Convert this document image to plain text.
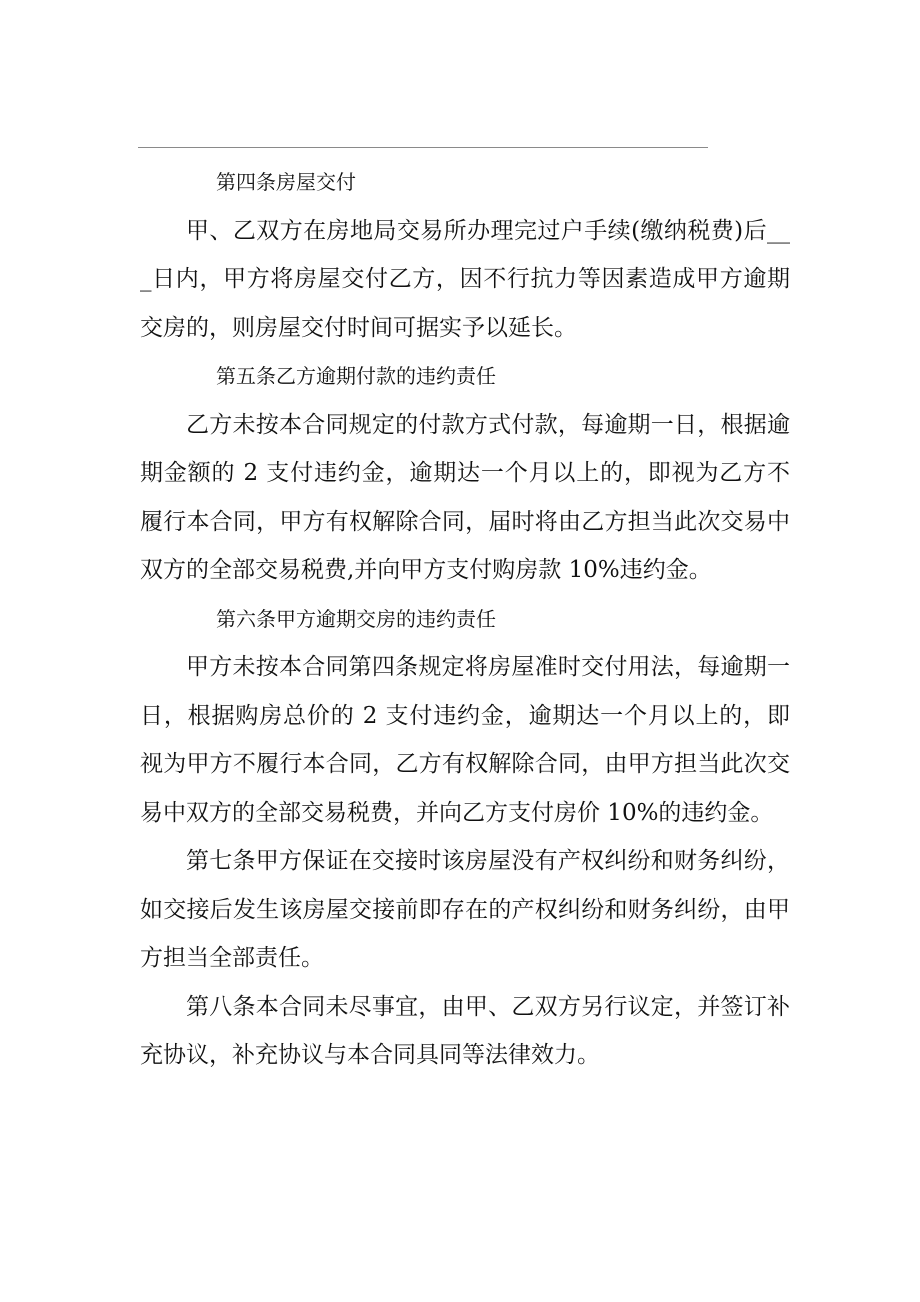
第四条房屋交付

甲、乙双方在房地局交易所办理完过户手续(缴纳税费)后___日内，甲方将房屋交付乙方，因不行抗力等因素造成甲方逾期交房的，则房屋交付时间可据实予以延长。

第五条乙方逾期付款的违约责任

乙方未按本合同规定的付款方式付款，每逾期一日，根据逾期金额的 2 支付违约金，逾期达一个月以上的，即视为乙方不履行本合同，甲方有权解除合同，届时将由乙方担当此次交易中双方的全部交易税费,并向甲方支付购房款 10%违约金。

第六条甲方逾期交房的违约责任

甲方未按本合同第四条规定将房屋准时交付用法，每逾期一日，根据购房总价的 2 支付违约金，逾期达一个月以上的，即视为甲方不履行本合同，乙方有权解除合同，由甲方担当此次交易中双方的全部交易税费，并向乙方支付房价 10%的违约金。

第七条甲方保证在交接时该房屋没有产权纠纷和财务纠纷，如交接后发生该房屋交接前即存在的产权纠纷和财务纠纷，由甲方担当全部责任。

第八条本合同未尽事宜，由甲、乙双方另行议定，并签订补充协议，补充协议与本合同具同等法律效力。
